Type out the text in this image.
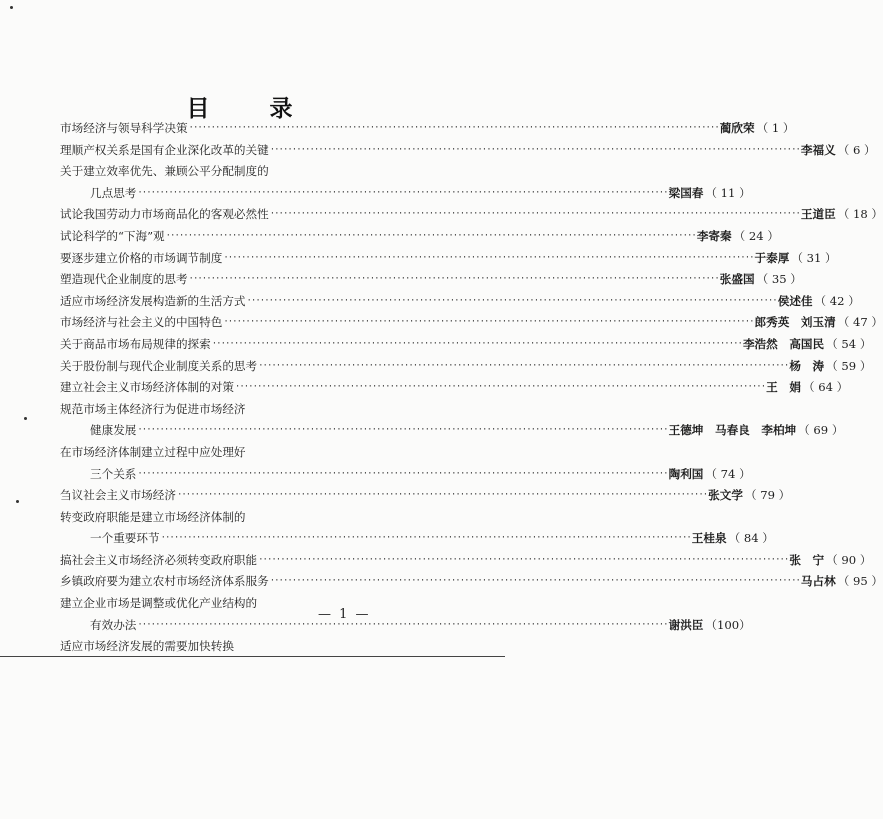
目 录
市场经济与领导科学决策 ························································································································ 蔺欣荣 （ 1 ）
理顺产权关系是国有企业深化改革的关键 ························································································································ 李福义 （ 6 ）
关于建立效率优先、兼顾公平分配制度的
几点思考 ························································································································ 梁国春 （ 11 ）
试论我国劳动力市场商品化的客观必然性 ························································································································ 王道臣 （ 18 ）
试论科学的“下海”观 ························································································································ 李寄秦 （ 24 ）
要逐步建立价格的市场调节制度 ························································································································ 于泰厚 （ 31 ）
塑造现代企业制度的思考 ························································································································ 张盛国 （ 35 ）
适应市场经济发展构造新的生活方式 ························································································································ 侯述佳 （ 42 ）
市场经济与社会主义的中国特色 ························································································································ 郎秀英　刘玉清 （ 47 ）
关于商品市场布局规律的探索 ························································································································ 李浩然　高国民 （ 54 ）
关于股份制与现代企业制度关系的思考 ························································································································ 杨　涛 （ 59 ）
建立社会主义市场经济体制的对策 ························································································································ 王　娟 （ 64 ）
规范市场主体经济行为促进市场经济
健康发展 ························································································································ 王德坤　马春良　李柏坤 （ 69 ）
在市场经济体制建立过程中应处理好
三个关系 ························································································································ 陶利国 （ 74 ）
刍议社会主义市场经济 ························································································································ 张文学 （ 79 ）
转变政府职能是建立市场经济体制的
一个重要环节 ························································································································ 王桂泉 （ 84 ）
搞社会主义市场经济必须转变政府职能 ························································································································ 张　宁 （ 90 ）
乡镇政府要为建立农村市场经济体系服务 ························································································································ 马占林 （ 95 ）
建立企业市场是调整或优化产业结构的
有效办法 ························································································································ 谢洪臣 （100）
适应市场经济发展的需要加快转换
— 1 —
